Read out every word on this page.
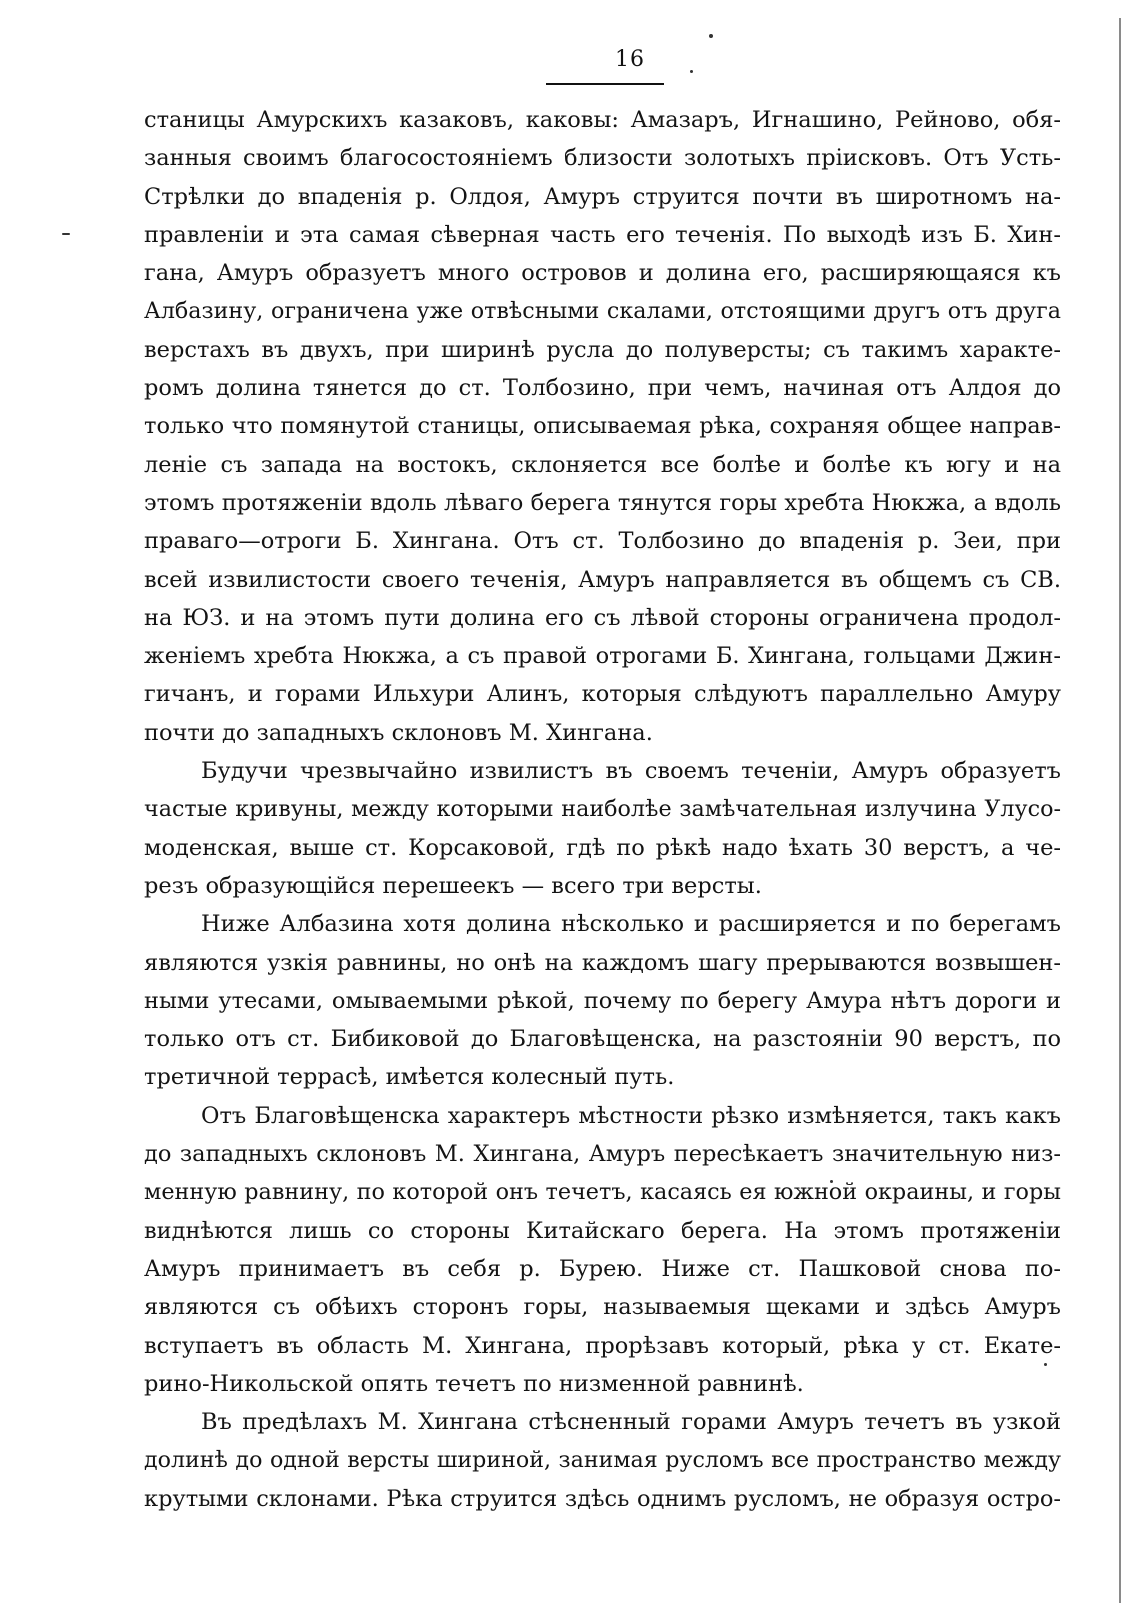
16
станицы Амурскихъ казаковъ, каковы: Амазаръ, Игнашино, Рейново, обя-
занныя своимъ благосостоянiемъ близости золотыхъ прiисковъ. Отъ Усть-
Стрѣлки до впаденiя р. Олдоя, Амуръ струится почти въ широтномъ на-
правленiи и эта самая сѣверная часть его теченiя. По выходѣ изъ Б. Хин-
гана, Амуръ образуетъ много островов и долина его, расширяющаяся къ
Албазину, ограничена уже отвѣсными скалами, отстоящими другъ отъ друга
верстахъ въ двухъ, при ширинѣ русла до полуверсты; съ такимъ характе-
ромъ долина тянется до ст. Толбозино, при чемъ, начиная отъ Алдоя до
только что помянутой станицы, описываемая рѣка, сохраняя общее направ-
ленiе съ запада на востокъ, склоняется все болѣе и болѣе къ югу и на
этомъ протяженiи вдоль лѣваго берега тянутся горы хребта Нюкжа, а вдоль
праваго—отроги Б. Хингана. Отъ ст. Толбозино до впаденiя р. Зеи, при
всей извилистости своего теченiя, Амуръ направляется въ общемъ съ СВ.
на ЮЗ. и на этомъ пути долина его съ лѣвой стороны ограничена продол-
женiемъ хребта Нюкжа, а съ правой отрогами Б. Хингана, гольцами Джин-
гичанъ, и горами Ильхури Алинъ, которыя слѣдуютъ параллельно Амуру
почти до западныхъ склоновъ М. Хингана.
Будучи чрезвычайно извилистъ въ своемъ теченiи, Амуръ образуетъ
частые кривуны, между которыми наиболѣе замѣчательная излучина Улусо-
моденская, выше ст. Корсаковой, гдѣ по рѣкѣ надо ѣхать 30 верстъ, а че-
резъ образующiйся перешеекъ — всего три версты.
Ниже Албазина хотя долина нѣсколько и расширяется и по берегамъ
являются узкiя равнины, но онѣ на каждомъ шагу прерываются возвышен-
ными утесами, омываемыми рѣкой, почему по берегу Амура нѣтъ дороги и
только отъ ст. Бибиковой до Благовѣщенска, на разстоянiи 90 верстъ, по
третичной террасѣ, имѣется колесный путь.
Отъ Благовѣщенска характеръ мѣстности рѣзко измѣняется, такъ какъ
до западныхъ склоновъ М. Хингана, Амуръ пересѣкаетъ значительную низ-
менную равнину, по которой онъ течетъ, касаясь ея южной окраины, и горы
виднѣются лишь со стороны Китайскаго берега. На этомъ протяженiи
Амуръ принимаетъ въ себя р. Бурею. Ниже ст. Пашковой снова по-
являются съ обѣихъ сторонъ горы, называемыя щеками и здѣсь Амуръ
вступаетъ въ область М. Хингана, прорѣзавъ который, рѣка у ст. Екате-
рино-Никольской опять течетъ по низменной равнинѣ.
Въ предѣлахъ М. Хингана стѣсненный горами Амуръ течетъ въ узкой
долинѣ до одной версты шириной, занимая русломъ все пространство между
крутыми склонами. Рѣка струится здѣсь однимъ русломъ, не образуя остро-
